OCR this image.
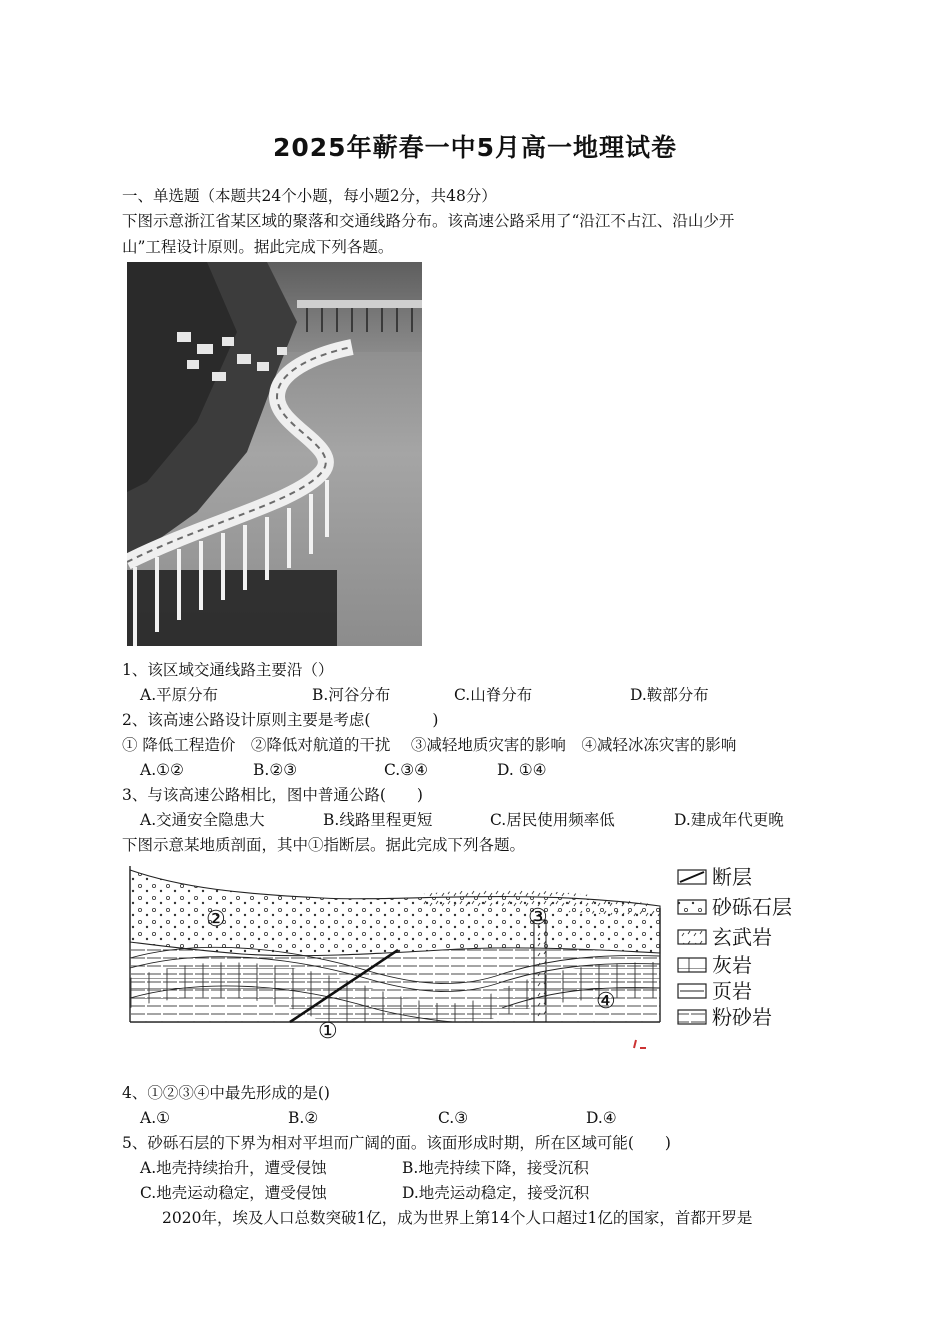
2025年蕲春一中5月高一地理试卷
一、单选题（本题共24个小题，每小题2分，共48分）
下图示意浙江省某区域的聚落和交通线路分布。该高速公路采用了“沿江不占江、沿山少开
山”工程设计原则。据此完成下列各题。
1、该区域交通线路主要沿（）
A.平原分布	B.河谷分布	C.山脊分布	D.鞍部分布
2、该高速公路设计原则主要是考虑(　　　　)
① 降低工程造价　②降低对航道的干扰　 ③减轻地质灾害的影响　④减轻冰冻灾害的影响
A.①②	B.②③	C.③④	D. ①④
3、与该高速公路相比，图中普通公路(　　)
A.交通安全隐患大	B.线路里程更短	C.居民使用频率低	D.建成年代更晚
下图示意某地质剖面，其中①指断层。据此完成下列各题。
①
②	③
④
断层
砂砾石层
玄武岩
灰岩
页岩
粉砂岩
4、①②③④中最先形成的是()
A.①	B.②	C.③	D.④
5、砂砾石层的下界为相对平坦而广阔的面。该面形成时期，所在区域可能(　　)
A.地壳持续抬升，遭受侵蚀	B.地壳持续下降，接受沉积
C.地壳运动稳定，遭受侵蚀	D.地壳运动稳定，接受沉积
2020年，埃及人口总数突破1亿，成为世界上第14个人口超过1亿的国家，首都开罗是
